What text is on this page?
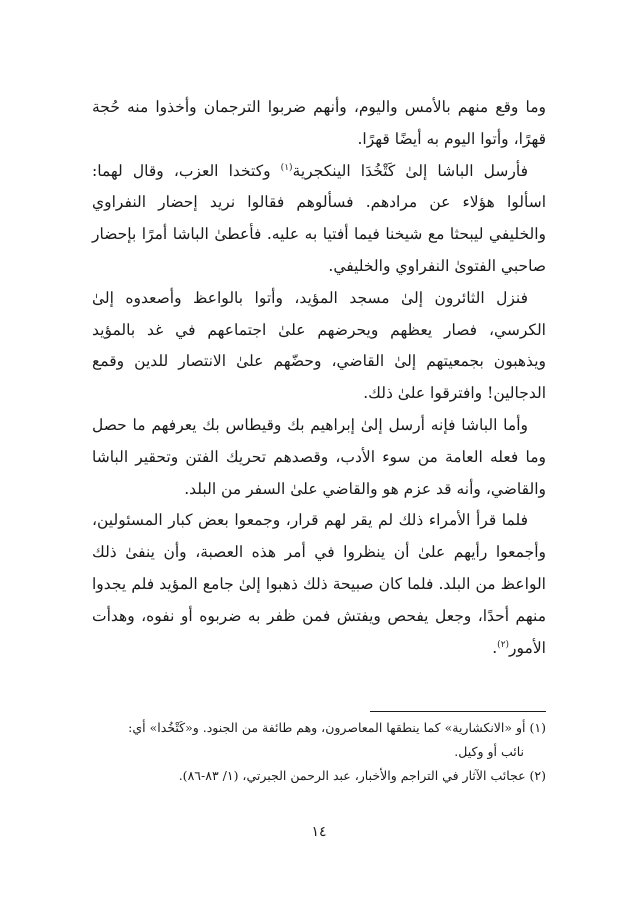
وما وقع منهم بالأمس واليوم، وأنهم ضربوا الترجمان وأخذوا منه حُجة قهرًا، وأتوا اليوم به أيضًا قهرًا.

فأرسل الباشا إلىٰ كَتْخُدَا الينكجرية$^{(١)}$ وكتخدا العزب، وقال لهما: اسألوا هؤلاء عن مرادهم. فسألوهم فقالوا نريد إحضار النفراوي والخليفي ليبحثا مع شيخنا فيما أفتيا به عليه. فأعطىٰ الباشا أمرًا بإحضار صاحبي الفتوىٰ النفراوي والخليفي.

فنزل الثائرون إلىٰ مسجد المؤيد، وأتوا بالواعظ وأصعدوه إلىٰ الكرسي، فصار يعظهم ويحرضهم علىٰ اجتماعهم في غد بالمؤيد ويذهبون بجمعيتهم إلىٰ القاضي، وحضّهم علىٰ الانتصار للدين وقمع الدجالين! وافترقوا علىٰ ذلك.

وأما الباشا فإنه أرسل إلىٰ إبراهيم بك وقيطاس بك يعرفهم ما حصل وما فعله العامة من سوء الأدب، وقصدهم تحريك الفتن وتحقير الباشا والقاضي، وأنه قد عزم هو والقاضي علىٰ السفر من البلد.

فلما قرأ الأمراء ذلك لم يقر لهم قرار، وجمعوا بعض كبار المسئولين، وأجمعوا رأيهم علىٰ أن ينظروا في أمر هذه العصبة، وأن ينفىٰ ذلك الواعظ من البلد. فلما كان صبيحة ذلك ذهبوا إلىٰ جامع المؤيد فلم يجدوا منهم أحدًا، وجعل يفحص ويفتش فمن ظفر به ضربوه أو نفوه، وهدأت الأمور$^{(٢)}$.

(١) أو «الانكشارية» كما ينطقها المعاصرون، وهم طائفة من الجنود. و«كَتْخُدا» أي:
نائب أو وكيل.

(٢) عجائب الآثار في التراجم والأخبار، عبد الرحمن الجبرتي، (١/ ٨٣-٨٦).

١٤
